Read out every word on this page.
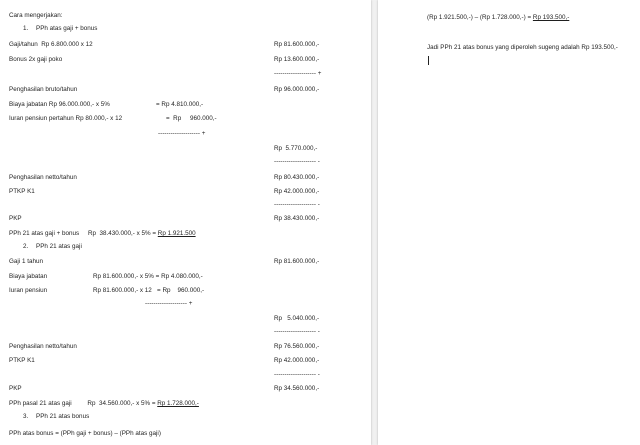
Cara mengerjakan:
1. PPh atas gaji + bonus
Gaji/tahun  Rp 6.800.000 x 12	Rp 81.600.000,-
Bonus 2x gaji poko	Rp 13.600.000,-
-------------------- +
Penghasilan bruto/tahun	Rp 96.000.000,-
Biaya jabatan Rp 96.000.000,- x 5%	= Rp 4.810.000,-
Iuran pensiun pertahun Rp 80.000,- x 12	=  Rp     960.000,-
-------------------- +
Rp  5.770.000,-
-------------------- -
Penghasilan netto/tahun	Rp 80.430.000,-
PTKP K1	Rp 42.000.000,-
-------------------- -
PKP	Rp 38.430.000,-
PPh 21 atas gaji + bonus     Rp  38.430.000,- x 5% = Rp 1.921.500
2. PPh 21 atas gaji
Gaji 1 tahun	Rp 81.600.000,-
Biaya jabatan	Rp 81.600.000,- x 5% = Rp 4.080.000,-
Iuran pensiun	Rp 81.600.000,- x 12   = Rp    960.000,-
-------------------- +
Rp   5.040.000,-
-------------------- -
Penghasilan netto/tahun	Rp 76.560.000,-
PTKP K1	Rp 42.000.000,-
-------------------- -
PKP	Rp 34.560.000,-
PPh pasal 21 atas gaji         Rp  34.560.000,- x 5% = Rp 1.728.000,-
3. PPh 21 atas bonus
PPh atas bonus = (PPh gaji + bonus) – (PPh atas gaji)
(Rp 1.921.500,-) – (Rp 1.728.000,-) = Rp 193.500,-
Jadi PPh 21 atas bonus yang diperoleh sugeng adalah Rp 193.500,-
